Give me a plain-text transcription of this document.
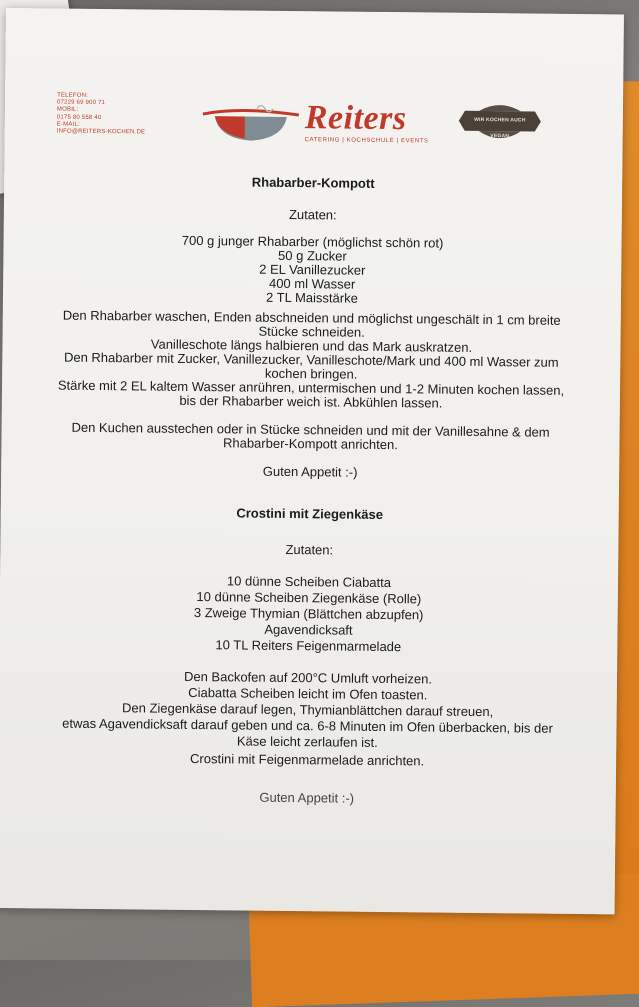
TELEFON:
07229 69 900 71
MOBIL:
0175 80 558 40
E-MAIL:
INFO@REITERS-KOCHEN.DE	Reiters
CATERING | KOCHSCHULE | EVENTS
WIR KOCHEN AUCH
VEGAN
Rhabarber-Kompott
Zutaten:
700 g junger Rhabarber (möglichst schön rot)
50 g Zucker
2 EL Vanillezucker
400 ml Wasser
2 TL Maisstärke
Den Rhabarber waschen, Enden abschneiden und möglichst ungeschält in 1 cm breite
Stücke schneiden.
Vanilleschote längs halbieren und das Mark auskratzen.
Den Rhabarber mit Zucker, Vanillezucker, Vanilleschote/Mark und 400 ml Wasser zum
kochen bringen.
Stärke mit 2 EL kaltem Wasser anrühren, untermischen und 1-2 Minuten kochen lassen,
bis der Rhabarber weich ist. Abkühlen lassen.
Den Kuchen ausstechen oder in Stücke schneiden und mit der Vanillesahne & dem
Rhabarber-Kompott anrichten.
Guten Appetit :-)
Crostini mit Ziegenkäse
Zutaten:
10 dünne Scheiben Ciabatta
10 dünne Scheiben Ziegenkäse (Rolle)
3 Zweige Thymian (Blättchen abzupfen)
Agavendicksaft
10 TL Reiters Feigenmarmelade
Den Backofen auf 200°C Umluft vorheizen.
Ciabatta Scheiben leicht im Ofen toasten.
Den Ziegenkäse darauf legen, Thymianblättchen darauf streuen,
etwas Agavendicksaft darauf geben und ca. 6-8 Minuten im Ofen überbacken, bis der
Käse leicht zerlaufen ist.
Crostini mit Feigenmarmelade anrichten.
Guten Appetit :-)
